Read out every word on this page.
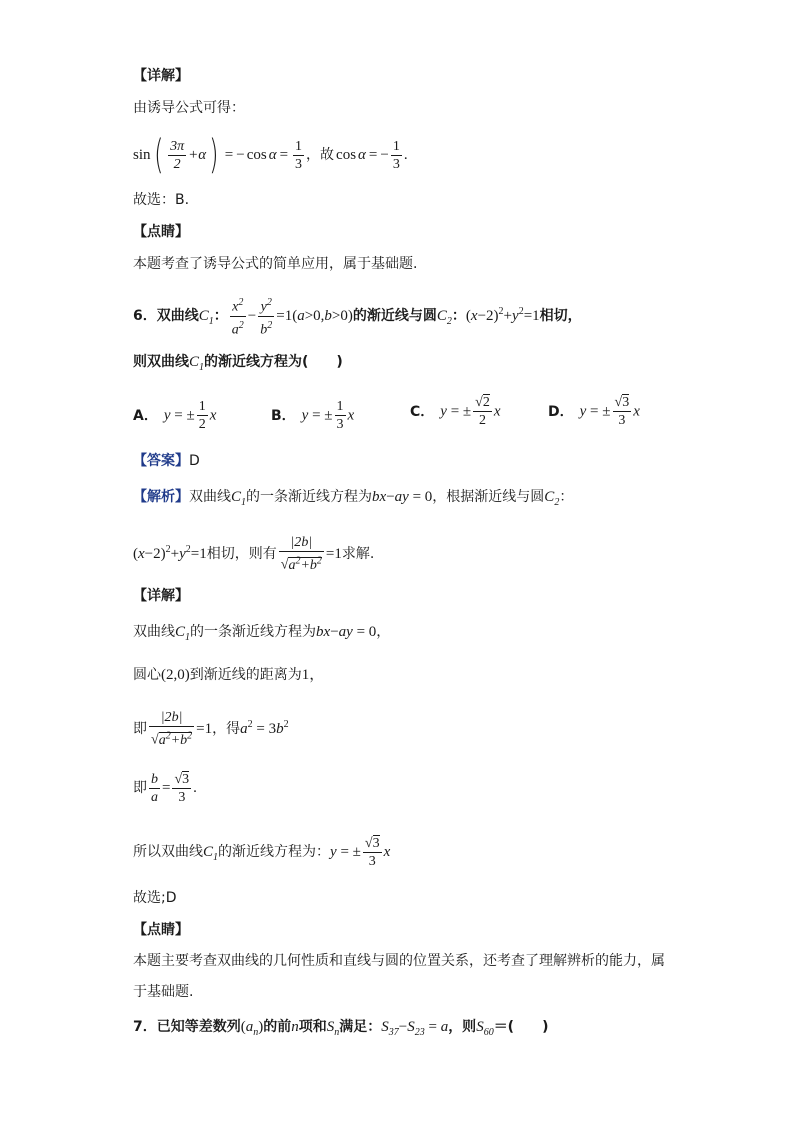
【详解】
由诱导公式可得：
$\sin( \frac{3\pi}{2} +\alpha)$ = − $\cos \alpha = \frac{1}{3}$ ，故 cos α = − $\frac{1}{3}$ .
故选：B.
【点睛】
本题考查了诱导公式的简单应用，属于基础题.
6．双曲线$C_1$： $\frac{x^2}{a^2} - \frac{y^2}{b^2} =1(a>0,b>0)$的渐近线与圆$C_2$：$(x-2)^2+y^2=1$相切，
则双曲线$C_1$的渐近线方程为(　　)
A． y = ± $\frac{1}{2}$ x	B． y = ± $\frac{1}{3}$ x	C． y = ± $\frac{√2}{2}$ x	D． y = ± $\frac{√3}{3}$ x
【答案】D
【解析】双曲线$C_1$的一条渐近线方程为bx−ay = 0，根据渐近线与圆$C_2$：
$(x-2)^2+y^2=1$相切，则有 $\frac{|2b|}{√a^2+b^2} =1$求解.
【详解】
双曲线$C_1$的一条渐近线方程为bx−ay = 0，
圆心(2,0)到渐近线的距离为1，
即 $\frac{|2b|}{√a^2+b^2} =1$，得$a^2 = 3b^2$
即 $\frac{b}{a} = \frac{√3}{3}$ .
所以双曲线$C_1$的渐近线方程为：y = ± $\frac{√3}{3}$ x
故选;D
【点睛】
本题主要考查双曲线的几何性质和直线与圆的位置关系，还考查了理解辨析的能力，属
于基础题.
7．已知等差数列$(a_n)$的前n项和$S_n$满足：$S_{37}-S_{23} = a$，则$S_{60}=$(　　)
